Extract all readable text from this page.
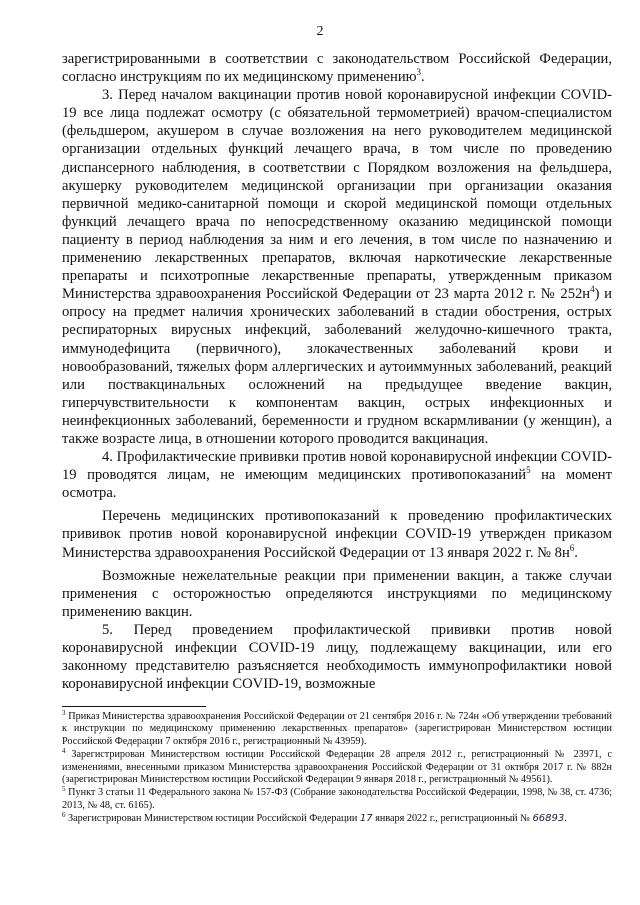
2

зарегистрированными в соответствии с законодательством Российской Федерации, согласно инструкциям по их медицинскому применению$^3$.

3. Перед началом вакцинации против новой коронавирусной инфекции COVID-19 все лица подлежат осмотру (с обязательной термометрией) врачом-специалистом (фельдшером, акушером в случае возложения на него руководителем медицинской организации отдельных функций лечащего врача, в том числе по проведению диспансерного наблюдения, в соответствии с Порядком возложения на фельдшера, акушерку руководителем медицинской организации при организации оказания первичной медико-санитарной помощи и скорой медицинской помощи отдельных функций лечащего врача по непосредственному оказанию медицинской помощи пациенту в период наблюдения за ним и его лечения, в том числе по назначению и применению лекарственных препаратов, включая наркотические лекарственные препараты и психотропные лекарственные препараты, утвержденным приказом Министерства здравоохранения Российской Федерации от 23 марта 2012 г. № $252н^4$) и опросу на предмет наличия хронических заболеваний в стадии обострения, острых респираторных вирусных инфекций, заболеваний желудочно-кишечного тракта, иммунодефицита (первичного), злокачественных заболеваний крови и новообразований, тяжелых форм аллергических и аутоиммунных заболеваний, реакций или поствакцинальных осложнений на предыдущее введение вакцин, гиперчувствительности к компонентам вакцин, острых инфекционных и неинфекционных заболеваний, беременности и грудном вскармливании (у женщин), а также возрасте лица, в отношении которого проводится вакцинация.

4. Профилактические прививки против новой коронавирусной инфекции COVID-19 проводятся лицам, не имеющим медицинских противопоказаний$^5$ на момент осмотра.

Перечень медицинских противопоказаний к проведению профилактических прививок против новой коронавирусной инфекции COVID-19 утвержден приказом Министерства здравоохранения Российской Федерации от 13 января 2022 г. № $8н^6$.

Возможные нежелательные реакции при применении вакцин, а также случаи применения с осторожностью определяются инструкциями по медицинскому применению вакцин.

5. Перед проведением профилактической прививки против новой коронавирусной инфекции COVID-19 лицу, подлежащему вакцинации, или его законному представителю разъясняется необходимость иммунопрофилактики новой коронавирусной инфекции COVID-19, возможные

$^3$ Приказ Министерства здравоохранения Российской Федерации от 21 сентября 2016 г. № 724н «Об утверждении требований к инструкции по медицинскому применению лекарственных препаратов» (зарегистрирован Министерством юстиции Российской Федерации 7 октября 2016 г., регистрационный № 43959).

$^4$ Зарегистрирован Министерством юстиции Российской Федерации 28 апреля 2012 г., регистрационный № 23971, с изменениями, внесенными приказом Министерства здравоохранения Российской Федерации от 31 октября 2017 г. № 882н (зарегистрирован Министерством юстиции Российской Федерации 9 января 2018 г., регистрационный № 49561).

$^5$ Пункт 3 статьи 11 Федерального закона № 157-ФЗ (Собрание законодательства Российской Федерации, 1998, № 38, ст. 4736; 2013, № 48, ст. 6165).

$^6$ Зарегистрирован Министерством юстиции Российской Федерации 17 января 2022 г., регистрационный № 66893.
